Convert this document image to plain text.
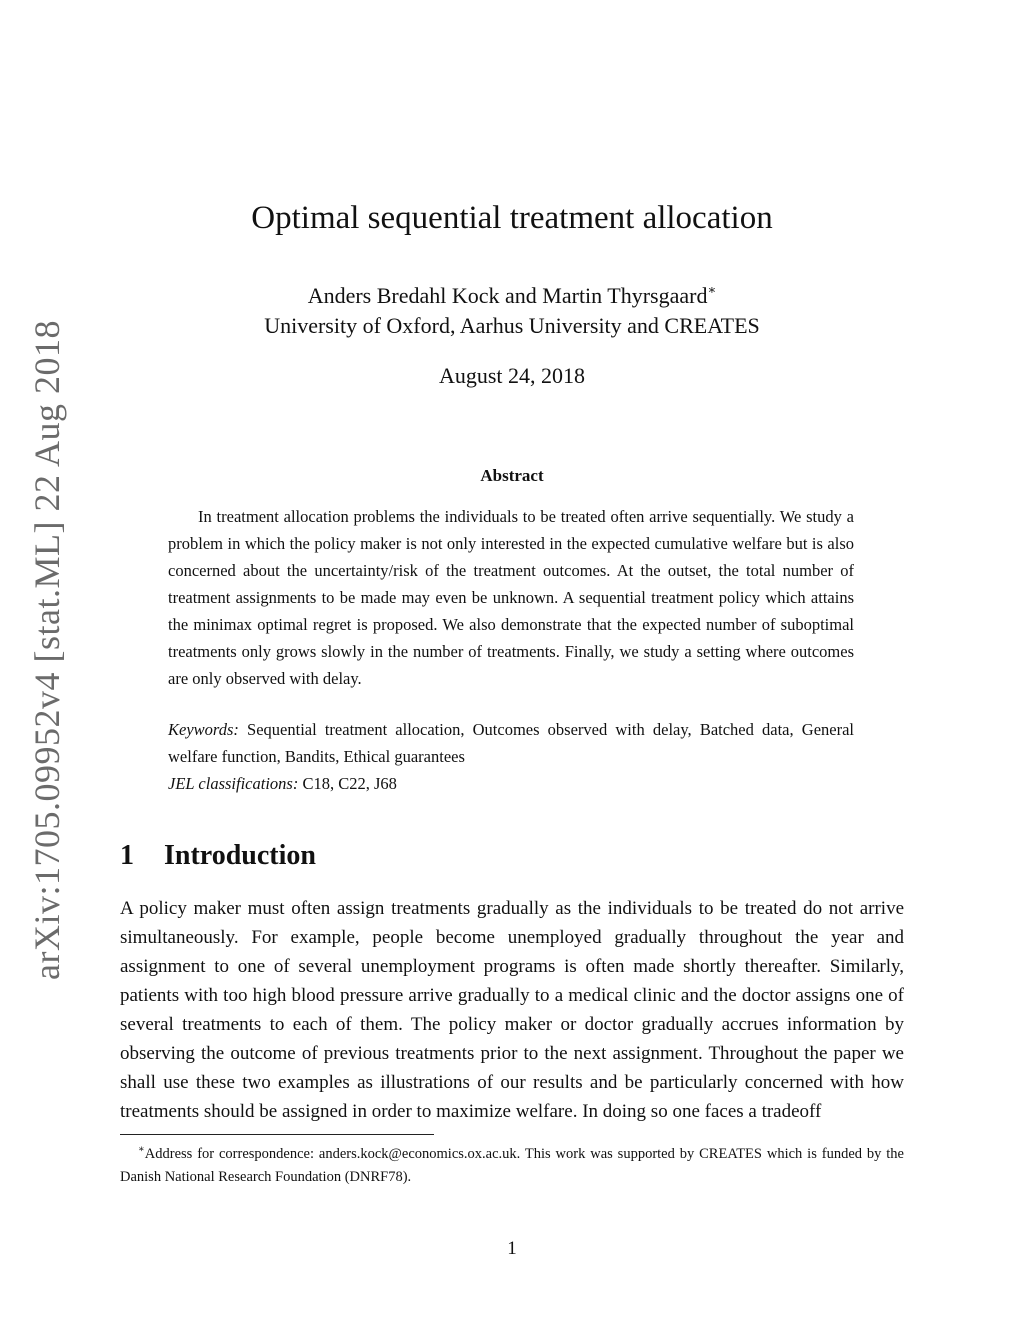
arXiv:1705.09952v4 [stat.ML] 22 Aug 2018
Optimal sequential treatment allocation
Anders Bredahl Kock and Martin Thyrsgaard∗
University of Oxford, Aarhus University and CREATES
August 24, 2018
Abstract
In treatment allocation problems the individuals to be treated often arrive sequentially. We study a problem in which the policy maker is not only interested in the expected cumulative welfare but is also concerned about the uncertainty/risk of the treatment outcomes. At the outset, the total number of treatment assignments to be made may even be unknown. A sequential treatment policy which attains the minimax optimal regret is proposed. We also demonstrate that the expected number of suboptimal treatments only grows slowly in the number of treatments. Finally, we study a setting where outcomes are only observed with delay.
Keywords: Sequential treatment allocation, Outcomes observed with delay, Batched data, General welfare function, Bandits, Ethical guarantees
JEL classifications: C18, C22, J68
1 Introduction
A policy maker must often assign treatments gradually as the individuals to be treated do not arrive simultaneously. For example, people become unemployed gradually throughout the year and assignment to one of several unemployment programs is often made shortly thereafter. Similarly, patients with too high blood pressure arrive gradually to a medical clinic and the doctor assigns one of several treatments to each of them. The policy maker or doctor gradually accrues information by observing the outcome of previous treatments prior to the next assignment. Throughout the paper we shall use these two examples as illustrations of our results and be particularly concerned with how treatments should be assigned in order to maximize welfare. In doing so one faces a tradeoff
∗Address for correspondence: anders.kock@economics.ox.ac.uk. This work was supported by CREATES which is funded by the Danish National Research Foundation (DNRF78).
1
